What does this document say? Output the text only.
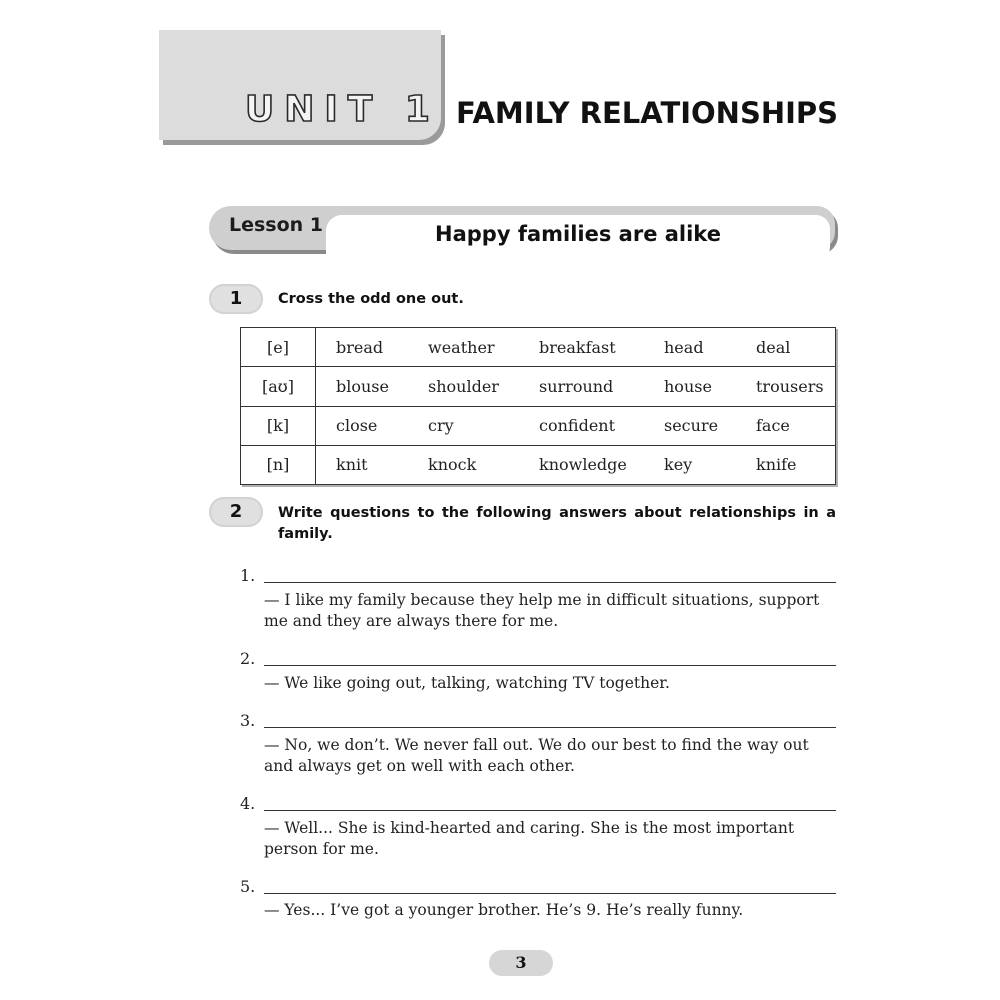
UNIT 1 FAMILY RELATIONSHIPS
Lesson 1	Happy families are alike
1	Cross the odd one out.
[e]	bread	weather	breakfast	head	deal
[aʊ]	blouse	shoulder	surround	house	trousers
[k]	close	cry	confident	secure	face
[n]	knit	knock	knowledge	key	knife
2	Write questions to the following answers about relationships in a family.
1.
— I like my family because they help me in difficult situations, support me and they are always there for me.
2.
— We like going out, talking, watching TV together.
3.
— No, we don’t. We never fall out. We do our best to find the way out and always get on well with each other.
4.
— Well... She is kind-hearted and caring. She is the most important person for me.
5.
— Yes... I’ve got a younger brother. He’s 9. He’s really funny.
3
